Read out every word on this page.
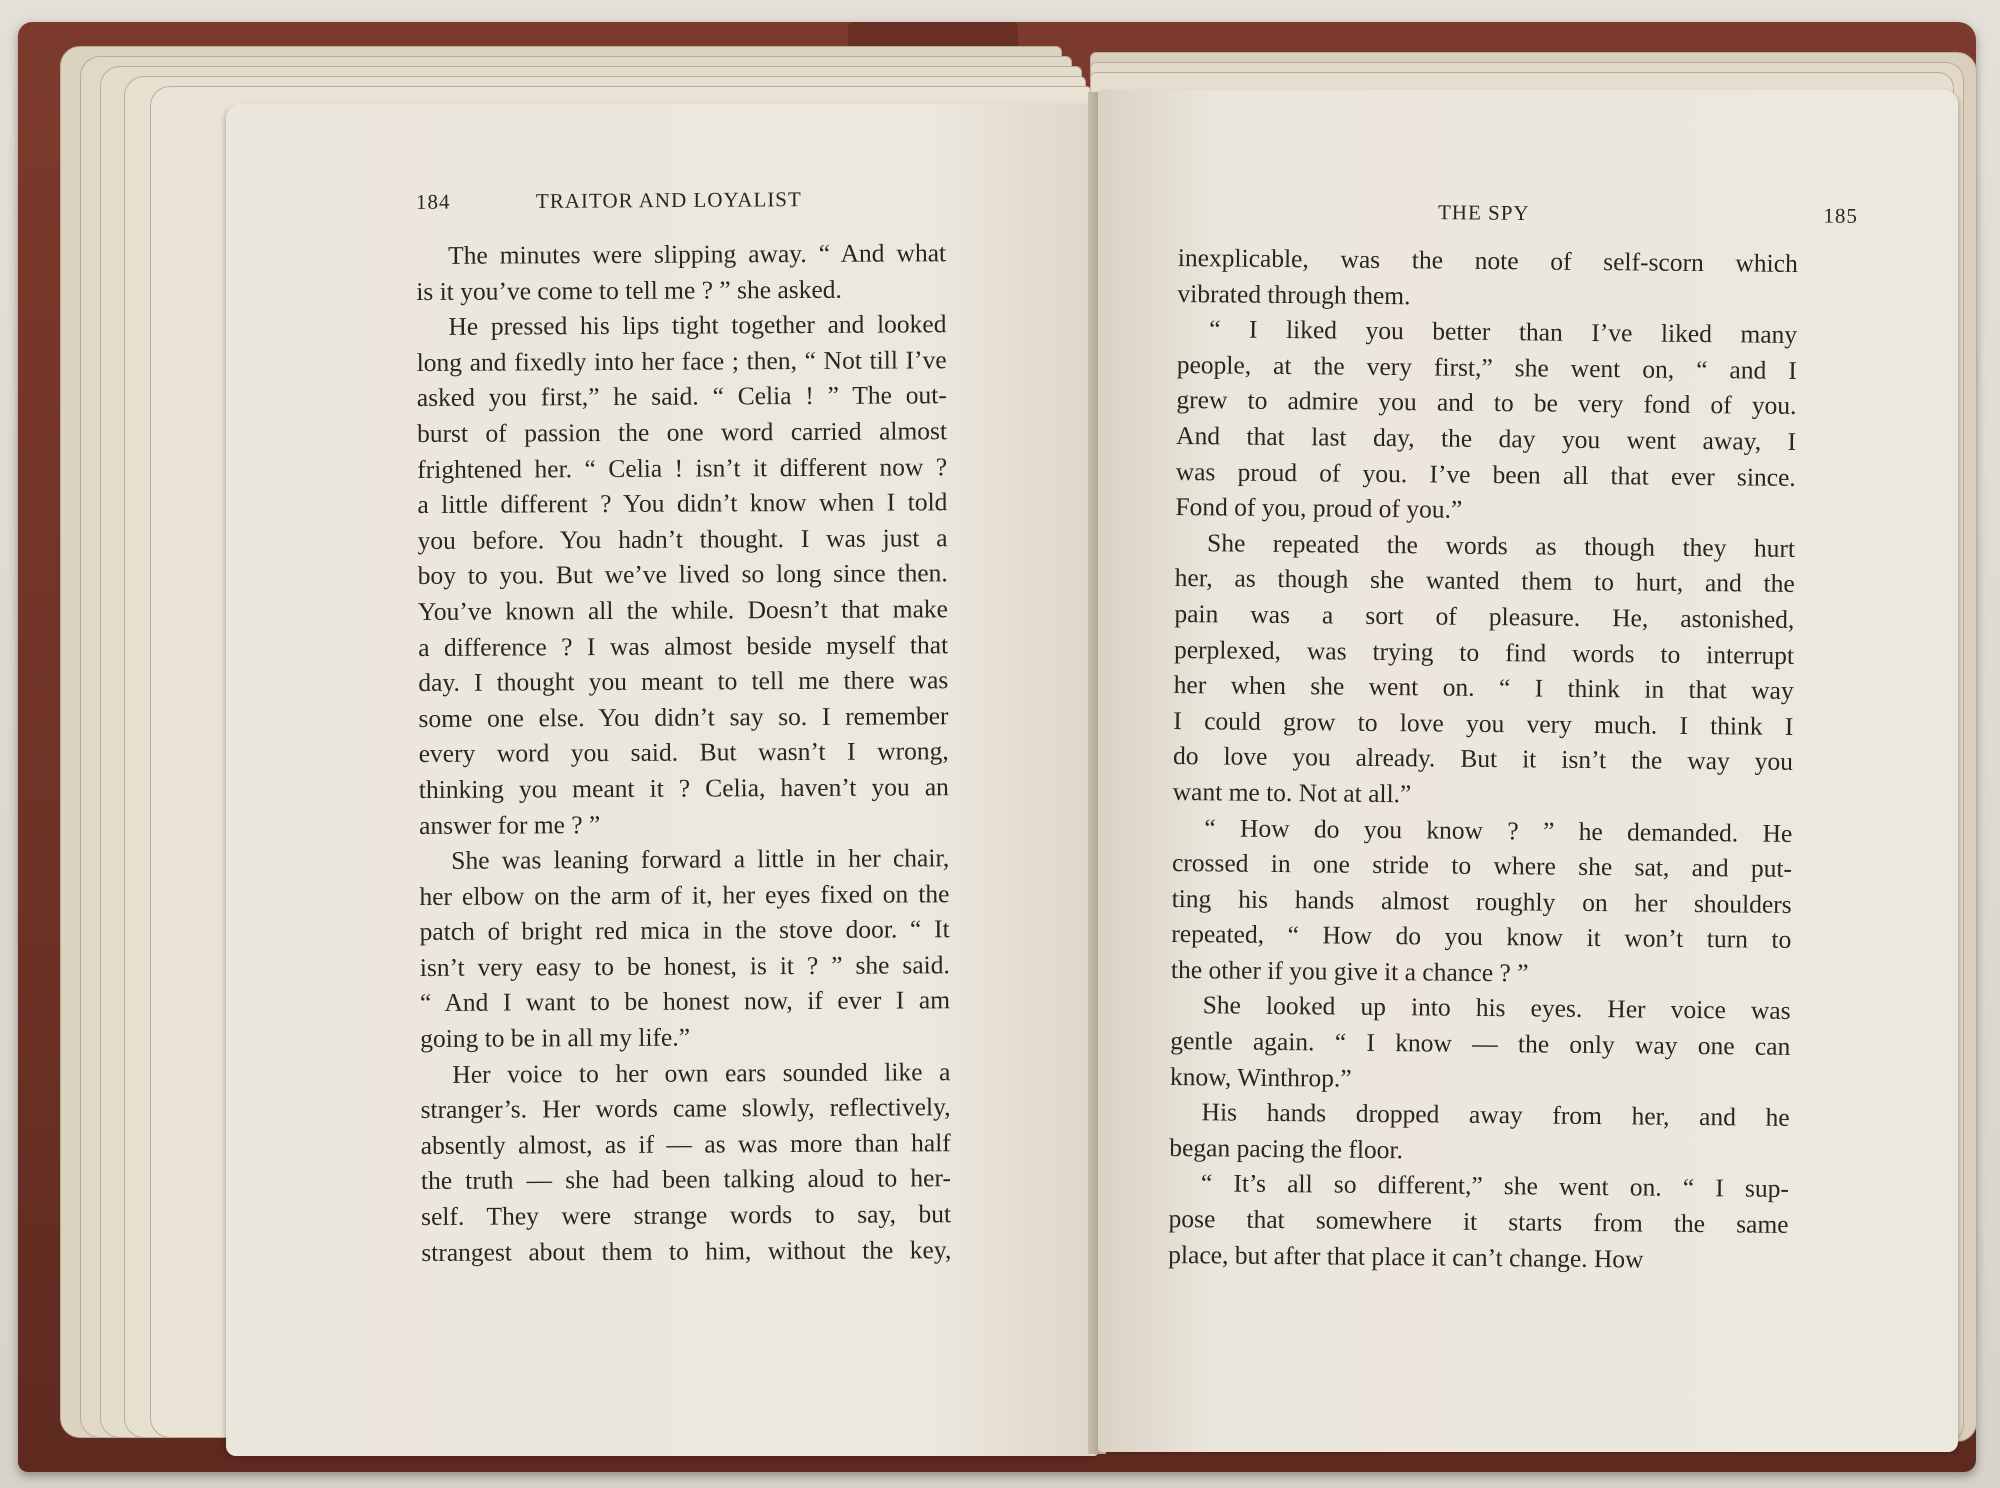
184	TRAITOR AND LOYALIST
The minutes were slipping away. “ And what
is it you’ve come to tell me ? ” she asked.
He pressed his lips tight together and looked
long and fixedly into her face ; then, “ Not till I’ve
asked you first,” he said. “ Celia ! ” The out-
burst of passion the one word carried almost
frightened her. “ Celia ! isn’t it different now ?
a little different ? You didn’t know when I told
you before. You hadn’t thought. I was just a
boy to you. But we’ve lived so long since then.
You’ve known all the while. Doesn’t that make
a difference ? I was almost beside myself that
day. I thought you meant to tell me there was
some one else. You didn’t say so. I remember
every word you said. But wasn’t I wrong,
thinking you meant it ? Celia, haven’t you an
answer for me ? ”
She was leaning forward a little in her chair,
her elbow on the arm of it, her eyes fixed on the
patch of bright red mica in the stove door. “ It
isn’t very easy to be honest, is it ? ” she said.
“ And I want to be honest now, if ever I am
going to be in all my life.”
Her voice to her own ears sounded like a
stranger’s. Her words came slowly, reflectively,
absently almost, as if — as was more than half
the truth — she had been talking aloud to her-
self. They were strange words to say, but
strangest about them to him, without the key,
THE SPY	185
inexplicable, was the note of self-scorn which
vibrated through them.
“ I liked you better than I’ve liked many
people, at the very first,” she went on, “ and I
grew to admire you and to be very fond of you.
And that last day, the day you went away, I
was proud of you. I’ve been all that ever since.
Fond of you, proud of you.”
She repeated the words as though they hurt
her, as though she wanted them to hurt, and the
pain was a sort of pleasure. He, astonished,
perplexed, was trying to find words to interrupt
her when she went on. “ I think in that way
I could grow to love you very much. I think I
do love you already. But it isn’t the way you
want me to. Not at all.”
“ How do you know ? ” he demanded. He
crossed in one stride to where she sat, and put-
ting his hands almost roughly on her shoulders
repeated, “ How do you know it won’t turn to
the other if you give it a chance ? ”
She looked up into his eyes. Her voice was
gentle again. “ I know — the only way one can
know, Winthrop.”
His hands dropped away from her, and he
began pacing the floor.
“ It’s all so different,” she went on. “ I sup-
pose that somewhere it starts from the same
place, but after that place it can’t change. How
